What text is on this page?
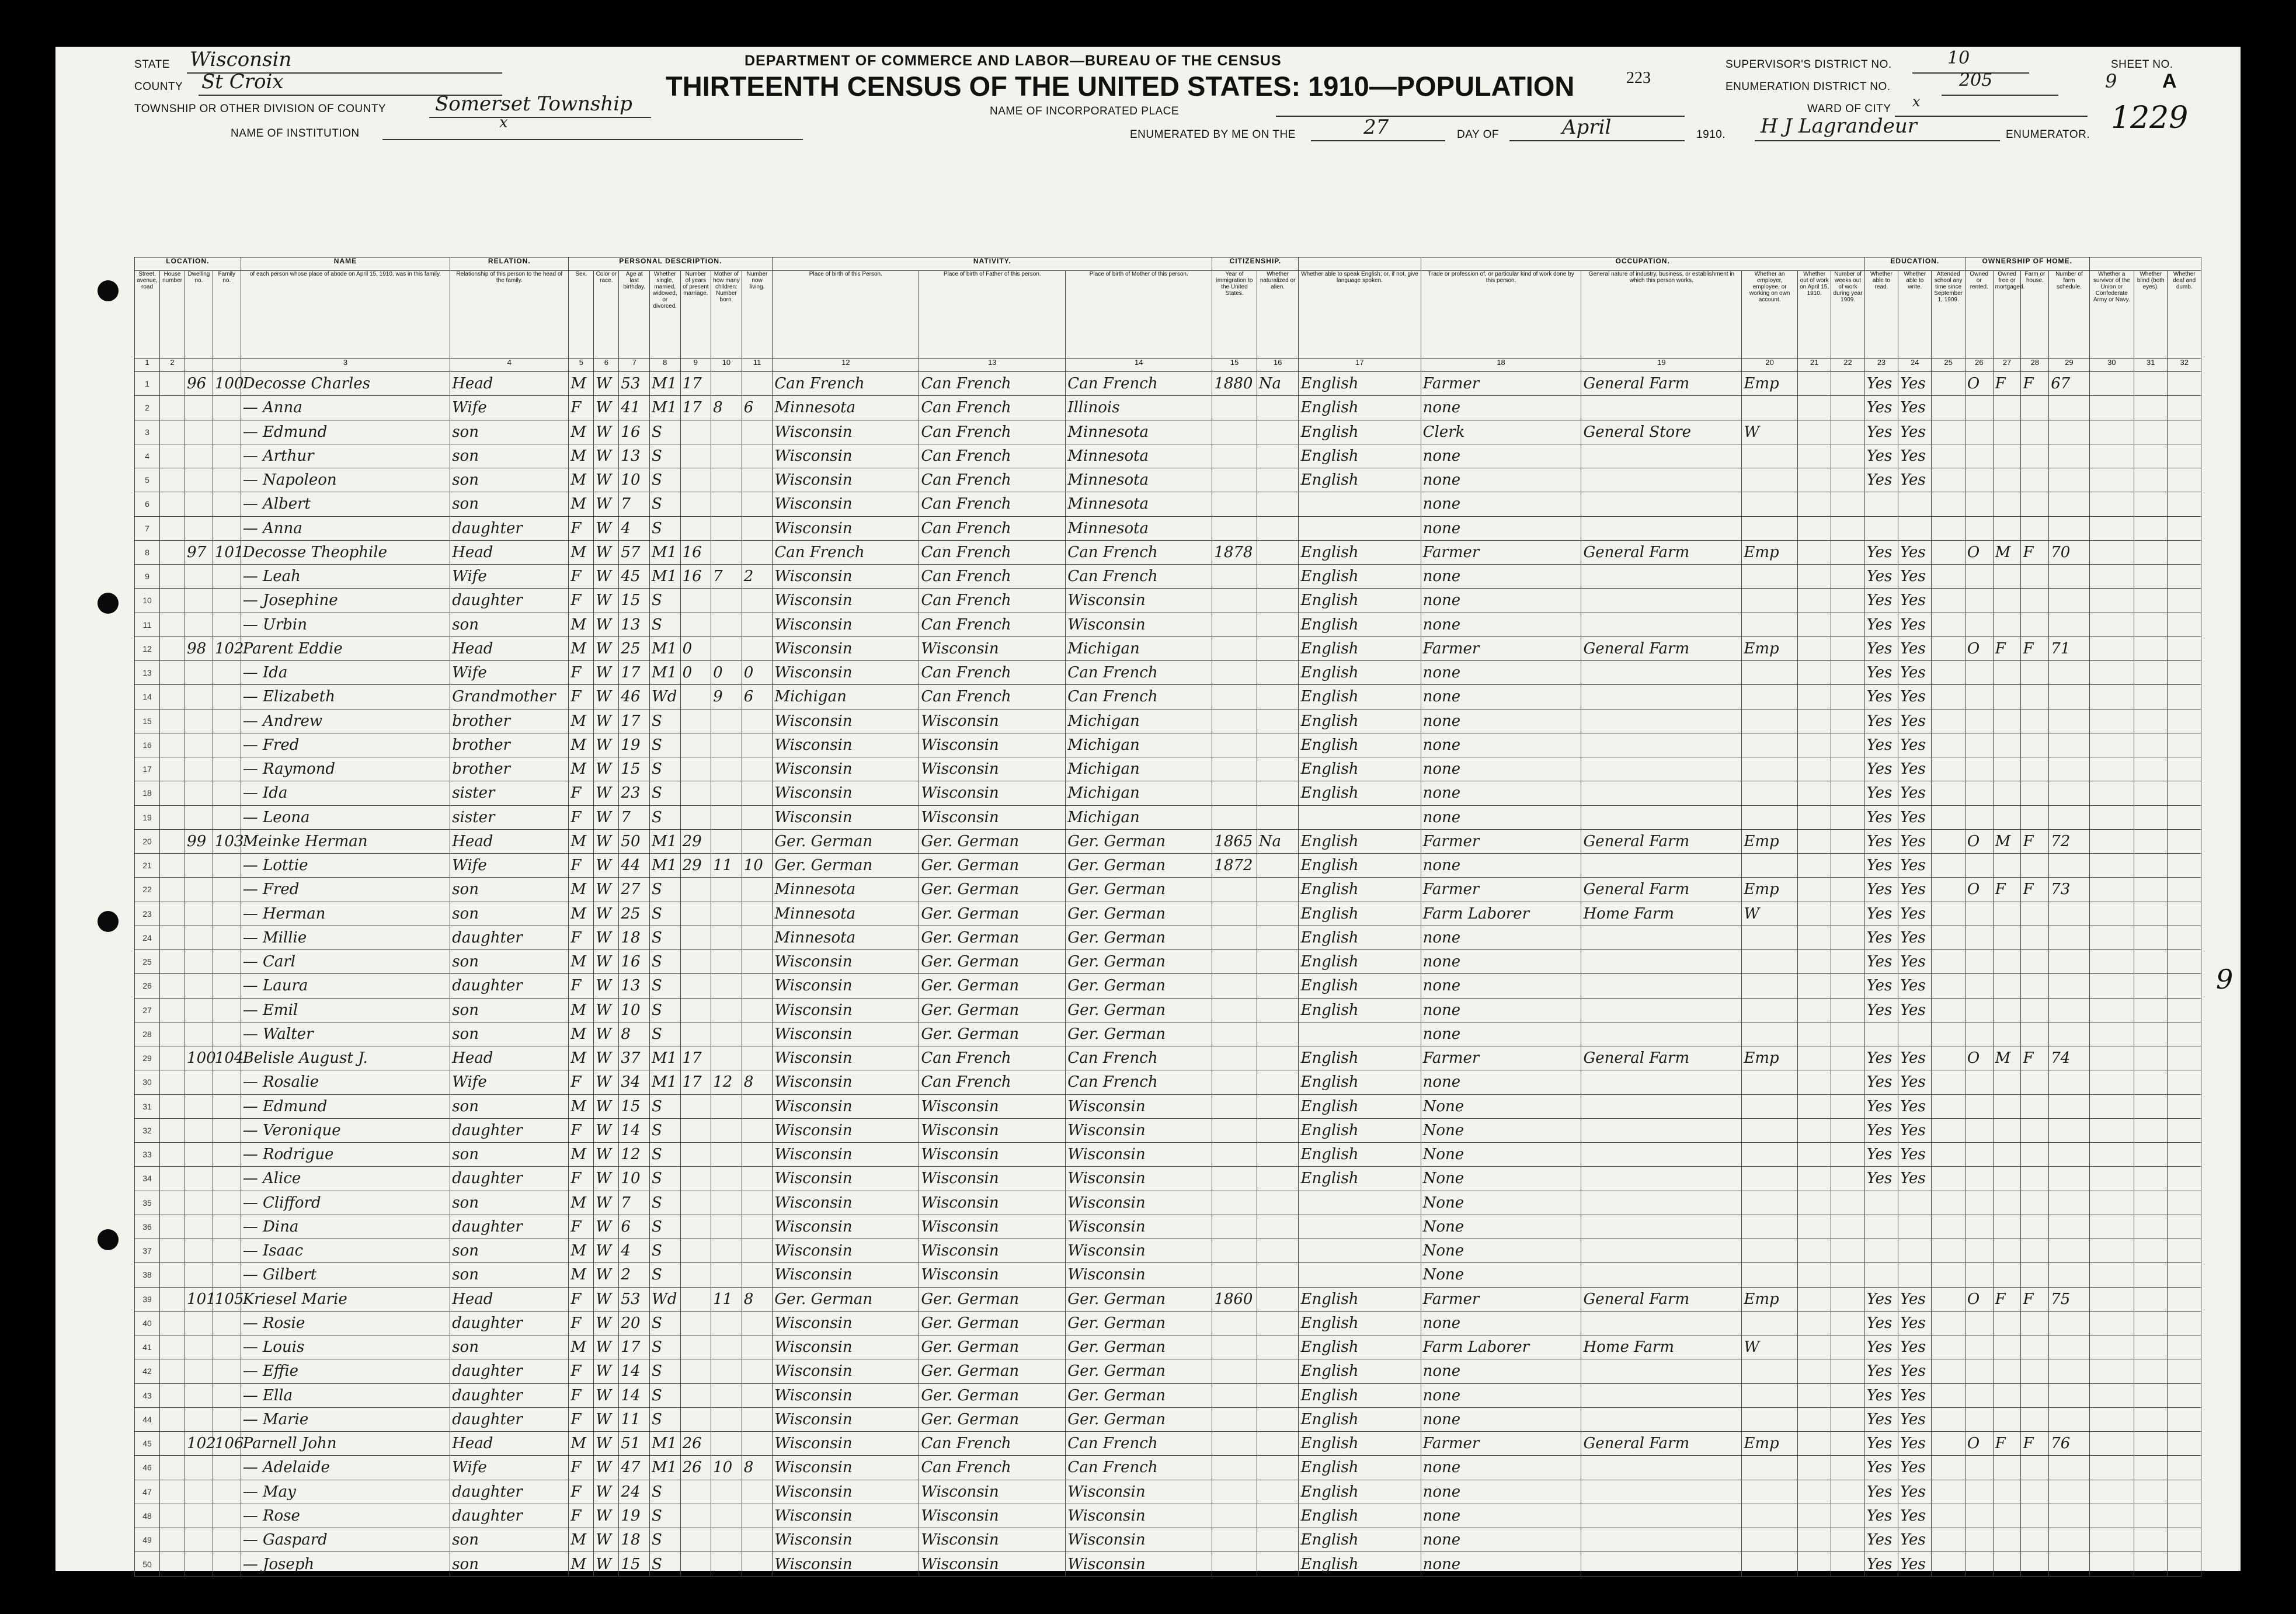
STATE Wisconsin
COUNTY St Croix
TOWNSHIP OR OTHER DIVISION OF COUNTY Somerset Township
NAME OF INSTITUTION
x
DEPARTMENT OF COMMERCE AND LABOR—BUREAU OF THE CENSUS
THIRTEENTH CENSUS OF THE UNITED STATES: 1910—POPULATION	223
NAME OF INCORPORATED PLACE
ENUMERATED BY ME ON THE	27	DAY OF	April	1910. H J Lagrandeur	ENUMERATOR.
SUPERVISOR'S DISTRICT NO.	10	SHEET NO.
ENUMERATION DISTRICT NO.	205	9 A
WARD OF CITY x	1229
9
LOCATION.				NAME	RELATION.	PERSONAL DESCRIPTION.							NATIVITY.			CITIZENSHIP.			OCCUPATION.					EDUCATION.			OWNERSHIP OF HOME.						
Street, avenue, road	House number	Dwelling no.	Family no.	of each person whose place of abode on April 15, 1910, was in this family.	Relationship of this person to the head of the family.	Sex.	Color or race.	Age at last birthday.	Whether single, married, widowed, or divorced.	Number of years of present marriage.	Mother of how many children: Number born.	Number now living.	Place of birth of this Person.	Place of birth of Father of this person.	Place of birth of Mother of this person.	Year of immigration to the United States.	Whether naturalized or alien.	Whether able to speak English; or, if not, give language spoken.	Trade or profession of, or particular kind of work done by this person.	General nature of industry, business, or establishment in which this person works.	Whether an employer, employee, or working on own account.	Whether out of work on April 15, 1910.	Number of weeks out of work during year 1909.	Whether able to read.	Whether able to write.	Attended school any time since September 1, 1909.	Owned or rented.	Owned free or mortgaged.	Farm or house.	Number of farm schedule.	Whether a survivor of the Union or Confederate Army or Navy.	Whether blind (both eyes).	Whether deaf and dumb.
1	2			3	4	5	6	7	8	9	10	11	12	13	14	15	16	17	18	19	20	21	22	23	24	25	26	27	28	29	30	31	32
1		96	100	Decosse Charles	Head	M	W	53	M1	17			Can French	Can French	Can French	1880	Na	English	Farmer	General Farm	Emp			Yes	Yes		O	F	F	67			
2				— Anna	Wife	F	W	41	M1	17	8	6	Minnesota	Can French	Illinois			English	none					Yes	Yes								
3				— Edmund	son	M	W	16	S				Wisconsin	Can French	Minnesota			English	Clerk	General Store	W			Yes	Yes								
4				— Arthur	son	M	W	13	S				Wisconsin	Can French	Minnesota			English	none					Yes	Yes								
5				— Napoleon	son	M	W	10	S				Wisconsin	Can French	Minnesota			English	none					Yes	Yes								
6				— Albert	son	M	W	7	S				Wisconsin	Can French	Minnesota				none														
7				— Anna	daughter	F	W	4	S				Wisconsin	Can French	Minnesota				none														
8		97	101	Decosse Theophile	Head	M	W	57	M1	16			Can French	Can French	Can French	1878		English	Farmer	General Farm	Emp			Yes	Yes		O	M	F	70			
9				— Leah	Wife	F	W	45	M1	16	7	2	Wisconsin	Can French	Can French			English	none					Yes	Yes								
10				— Josephine	daughter	F	W	15	S				Wisconsin	Can French	Wisconsin			English	none					Yes	Yes								
11				— Urbin	son	M	W	13	S				Wisconsin	Can French	Wisconsin			English	none					Yes	Yes								
12		98	102	Parent Eddie	Head	M	W	25	M1	0			Wisconsin	Wisconsin	Michigan			English	Farmer	General Farm	Emp			Yes	Yes		O	F	F	71			
13				— Ida	Wife	F	W	17	M1	0	0	0	Wisconsin	Can French	Can French			English	none					Yes	Yes								
14				— Elizabeth	Grandmother	F	W	46	Wd		9	6	Michigan	Can French	Can French			English	none					Yes	Yes								
15				— Andrew	brother	M	W	17	S				Wisconsin	Wisconsin	Michigan			English	none					Yes	Yes								
16				— Fred	brother	M	W	19	S				Wisconsin	Wisconsin	Michigan			English	none					Yes	Yes								
17				— Raymond	brother	M	W	15	S				Wisconsin	Wisconsin	Michigan			English	none					Yes	Yes								
18				— Ida	sister	F	W	23	S				Wisconsin	Wisconsin	Michigan			English	none					Yes	Yes								
19				— Leona	sister	F	W	7	S				Wisconsin	Wisconsin	Michigan				none					Yes	Yes								
20		99	103	Meinke Herman	Head	M	W	50	M1	29			Ger. German	Ger. German	Ger. German	1865	Na	English	Farmer	General Farm	Emp			Yes	Yes		O	M	F	72			
21				— Lottie	Wife	F	W	44	M1	29	11	10	Ger. German	Ger. German	Ger. German	1872		English	none					Yes	Yes								
22				— Fred	son	M	W	27	S				Minnesota	Ger. German	Ger. German			English	Farmer	General Farm	Emp			Yes	Yes		O	F	F	73			
23				— Herman	son	M	W	25	S				Minnesota	Ger. German	Ger. German			English	Farm Laborer	Home Farm	W			Yes	Yes								
24				— Millie	daughter	F	W	18	S				Minnesota	Ger. German	Ger. German			English	none					Yes	Yes								
25				— Carl	son	M	W	16	S				Wisconsin	Ger. German	Ger. German			English	none					Yes	Yes								
26				— Laura	daughter	F	W	13	S				Wisconsin	Ger. German	Ger. German			English	none					Yes	Yes								
27				— Emil	son	M	W	10	S				Wisconsin	Ger. German	Ger. German			English	none					Yes	Yes								
28				— Walter	son	M	W	8	S				Wisconsin	Ger. German	Ger. German				none														
29		100	104	Belisle August J.	Head	M	W	37	M1	17			Wisconsin	Can French	Can French			English	Farmer	General Farm	Emp			Yes	Yes		O	M	F	74			
30				— Rosalie	Wife	F	W	34	M1	17	12	8	Wisconsin	Can French	Can French			English	none					Yes	Yes								
31				— Edmund	son	M	W	15	S				Wisconsin	Wisconsin	Wisconsin			English	None					Yes	Yes								
32				— Veronique	daughter	F	W	14	S				Wisconsin	Wisconsin	Wisconsin			English	None					Yes	Yes								
33				— Rodrigue	son	M	W	12	S				Wisconsin	Wisconsin	Wisconsin			English	None					Yes	Yes								
34				— Alice	daughter	F	W	10	S				Wisconsin	Wisconsin	Wisconsin			English	None					Yes	Yes								
35				— Clifford	son	M	W	7	S				Wisconsin	Wisconsin	Wisconsin				None														
36				— Dina	daughter	F	W	6	S				Wisconsin	Wisconsin	Wisconsin				None														
37				— Isaac	son	M	W	4	S				Wisconsin	Wisconsin	Wisconsin				None														
38				— Gilbert	son	M	W	2	S				Wisconsin	Wisconsin	Wisconsin				None														
39		101	105	Kriesel Marie	Head	F	W	53	Wd		11	8	Ger. German	Ger. German	Ger. German	1860		English	Farmer	General Farm	Emp			Yes	Yes		O	F	F	75			
40				— Rosie	daughter	F	W	20	S				Wisconsin	Ger. German	Ger. German			English	none					Yes	Yes								
41				— Louis	son	M	W	17	S				Wisconsin	Ger. German	Ger. German			English	Farm Laborer	Home Farm	W			Yes	Yes								
42				— Effie	daughter	F	W	14	S				Wisconsin	Ger. German	Ger. German			English	none					Yes	Yes								
43				— Ella	daughter	F	W	14	S				Wisconsin	Ger. German	Ger. German			English	none					Yes	Yes								
44				— Marie	daughter	F	W	11	S				Wisconsin	Ger. German	Ger. German			English	none					Yes	Yes								
45		102	106	Parnell John	Head	M	W	51	M1	26			Wisconsin	Can French	Can French			English	Farmer	General Farm	Emp			Yes	Yes		O	F	F	76			
46				— Adelaide	Wife	F	W	47	M1	26	10	8	Wisconsin	Can French	Can French			English	none					Yes	Yes								
47				— May	daughter	F	W	24	S				Wisconsin	Wisconsin	Wisconsin			English	none					Yes	Yes								
48				— Rose	daughter	F	W	19	S				Wisconsin	Wisconsin	Wisconsin			English	none					Yes	Yes								
49				— Gaspard	son	M	W	18	S				Wisconsin	Wisconsin	Wisconsin			English	none					Yes	Yes								
50				— Joseph	son	M	W	15	S				Wisconsin	Wisconsin	Wisconsin			English	none					Yes	Yes								
